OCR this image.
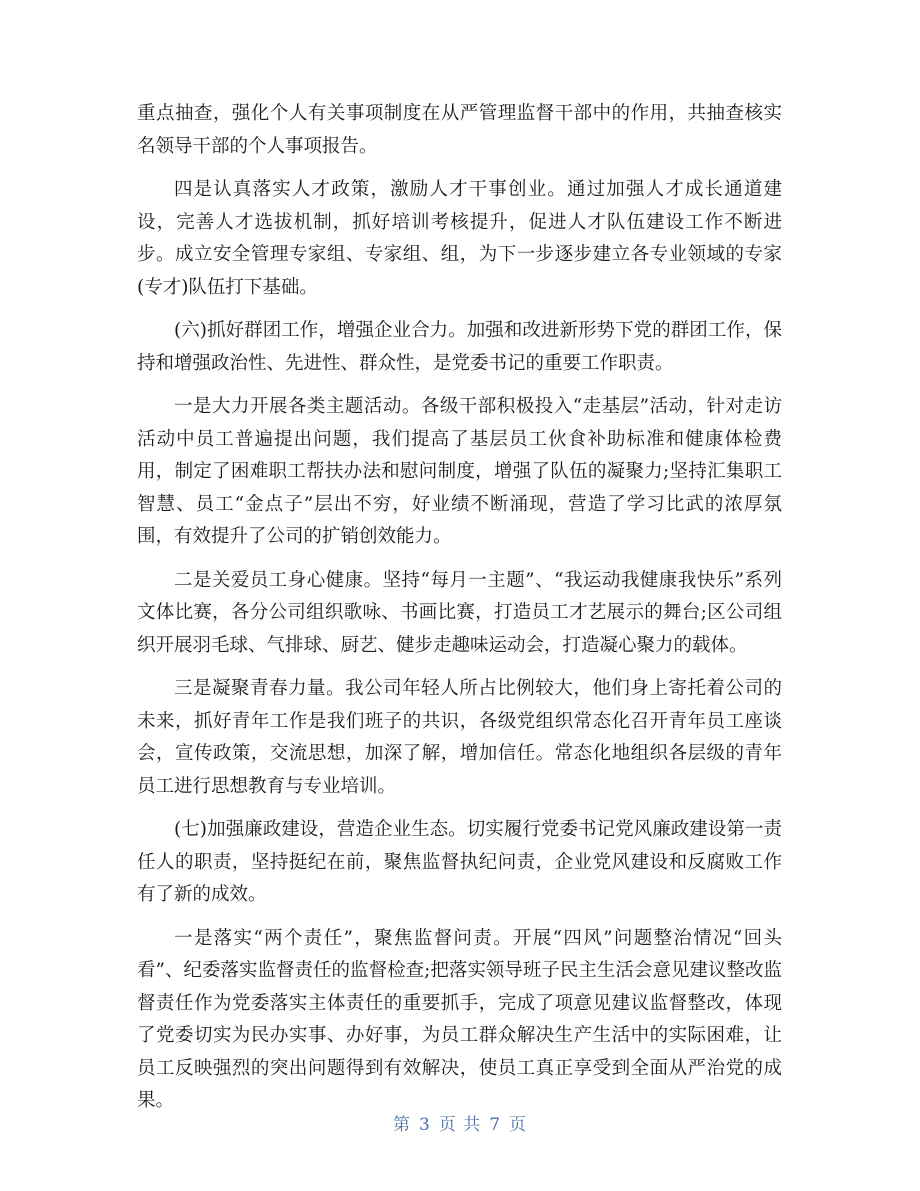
重点抽查，强化个人有关事项制度在从严管理监督干部中的作用，共抽查核实名领导干部的个人事项报告。

四是认真落实人才政策，激励人才干事创业。通过加强人才成长通道建设，完善人才选拔机制，抓好培训考核提升，促进人才队伍建设工作不断进步。成立安全管理专家组、专家组、组，为下一步逐步建立各专业领域的专家(专才)队伍打下基础。

(六)抓好群团工作，增强企业合力。加强和改进新形势下党的群团工作，保持和增强政治性、先进性、群众性，是党委书记的重要工作职责。

一是大力开展各类主题活动。各级干部积极投入“走基层”活动，针对走访活动中员工普遍提出问题，我们提高了基层员工伙食补助标准和健康体检费用，制定了困难职工帮扶办法和慰问制度，增强了队伍的凝聚力;坚持汇集职工智慧、员工“金点子”层出不穷，好业绩不断涌现，营造了学习比武的浓厚氛围，有效提升了公司的扩销创效能力。

二是关爱员工身心健康。坚持“每月一主题”、“我运动我健康我快乐”系列文体比赛，各分公司组织歌咏、书画比赛，打造员工才艺展示的舞台;区公司组织开展羽毛球、气排球、厨艺、健步走趣味运动会，打造凝心聚力的载体。

三是凝聚青春力量。我公司年轻人所占比例较大，他们身上寄托着公司的未来，抓好青年工作是我们班子的共识，各级党组织常态化召开青年员工座谈会，宣传政策，交流思想，加深了解，增加信任。常态化地组织各层级的青年员工进行思想教育与专业培训。

(七)加强廉政建设，营造企业生态。切实履行党委书记党风廉政建设第一责任人的职责，坚持挺纪在前，聚焦监督执纪问责，企业党风建设和反腐败工作有了新的成效。

一是落实“两个责任”，聚焦监督问责。开展“四风”问题整治情况“回头看”、纪委落实监督责任的监督检查;把落实领导班子民主生活会意见建议整改监督责任作为党委落实主体责任的重要抓手，完成了项意见建议监督整改，体现了党委切实为民办实事、办好事，为员工群众解决生产生活中的实际困难，让员工反映强烈的突出问题得到有效解决，使员工真正享受到全面从严治党的成果。

第 3 页 共 7 页
